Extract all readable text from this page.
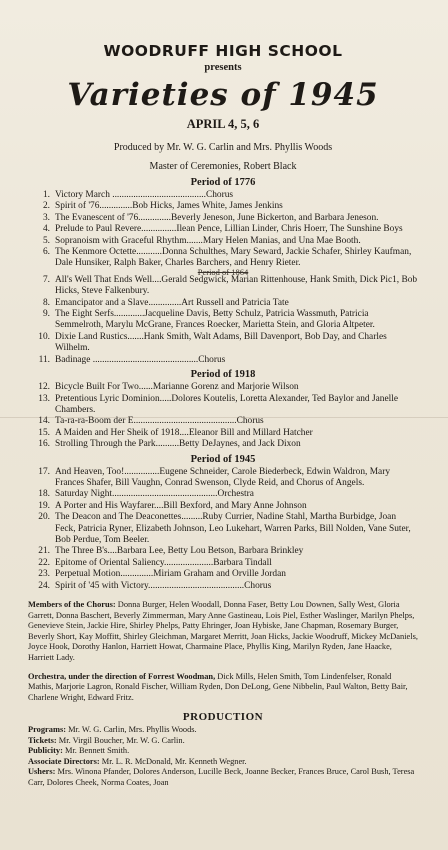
WOODRUFF HIGH SCHOOL
presents
Varieties of 1945
APRIL 4, 5, 6
Produced by Mr. W. G. Carlin and Mrs. Phyllis Woods
Master of Ceremonies, Robert Black
Period of 1776
1. Victory March ........................................Chorus
2. Spirit of '76..............Bob Hicks, James White, James Jenkins
3. The Evanescent of '76..............Beverly Jeneson, June Bickerton, and Barbara Jeneson.
4. Prelude to Paul Revere...............Ilean Pence, Lillian Linder, Chris Hoerr, The Sunshine Boys
5. Sopranoism with Graceful Rhythm.......Mary Helen Manias, and Una Mae Booth.
6. The Kenmore Octette...........Donna Schulthes, Mary Seward, Jackie Schafer, Shirley Kaufman, Dale Hunsiker, Ralph Baker, Charles Barchers, and Henry Rieter.
Period of 1864
7. All's Well That Ends Well....Gerald Sedgwick, Marian Rittenhouse, Hank Smith, Dick Pic1, Bob Hicks, Steve Falkenbury.
8. Emancipator and a Slave..............Art Russell and Patricia Tate
9. The Eight Serfs.............Jacqueline Davis, Betty Schulz, Patricia Wassmuth, Patricia Semmelroth, Marylu McGrane, Frances Roecker, Marietta Stein, and Gloria Altpeter.
10. Dixie Land Rustics.......Hank Smith, Walt Adams, Bill Davenport, Bob Day, and Charles Wilhelm.
11. Badinage .............................................Chorus
Period of 1918
12. Bicycle Built For Two......Marianne Gorenz and Marjorie Wilson
13. Pretentious Lyric Dominion.....Dolores Koutelis, Loretta Alexander, Ted Baylor and Janelle Chambers.
14. Ta-ra-ra-Boom der E............................................Chorus
15. A Maiden and Her Sheik of 1918....Eleanor Bill and Millard Hatcher
16. Strolling Through the Park..........Betty DeJaynes, and Jack Dixon
Period of 1945
17. And Heaven, Too!...............Eugene Schneider, Carole Biederbeck, Edwin Waldron, Mary Frances Shafer, Bill Vaughn, Conrad Swenson, Clyde Reid, and Chorus of Angels.
18. Saturday Night.............................................Orchestra
19. A Porter and His Wayfarer....Bill Bexford, and Mary Anne Johnson
20. The Deacon and The Deaconettes.........Ruby Currier, Nadine Stahl, Martha Burbidge, Joan Feck, Patricia Ryner, Elizabeth Johnson, Leo Lukehart, Warren Parks, Bill Nolden, Vane Suter, Bob Perdue, Tom Beeler.
21. The Three B's....Barbara Lee, Betty Lou Betson, Barbara Brinkley
22. Epitome of Oriental Saliency.....................Barbara Tindall
23. Perpetual Motion..............Miriam Graham and Orville Jordan
24. Spirit of '45 with Victory.........................................Chorus
Members of the Chorus: Donna Burger, Helen Woodall, Donna Faser, Betty Lou Downen, Sally West, Gloria Garrett, Donna Baschert, Beverly Zimmerman, Mary Anne Gastineau, Lois Piel, Esther Waslinger, Marilyn Phelps, Genevieve Stein, Jackie Hire, Shirley Phelps, Patty Ehringer, Joan Hybiske, Jane Chapman, Rosemary Burger, Beverly Short, Kay Moffitt, Shirley Gleichman, Margaret Merritt, Joan Hicks, Jackie Woodruff, Mickey McDaniels, Joyce Hook, Dorothy Hanlon, Harriett Howat, Charmaine Place, Phyllis King, Marilyn Ryden, Jane Haacke, Harriett Lady.
Orchestra, under the direction of Forrest Woodman, Dick Mills, Helen Smith, Tom Lindenfelser, Ronald Mathis, Marjorie Lagron, Ronald Fischer, William Ryden, Don DeLong, Gene Nibbelin, Paul Walton, Betty Bair, Charlene Wright, Edward Fritz.
PRODUCTION
Programs: Mr. W. G. Carlin, Mrs. Phyllis Woods.
Tickets: Mr. Virgil Boucher, Mr. W. G. Carlin.
Publicity: Mr. Bennett Smith.
Associate Directors: Mr. L. R. McDonald, Mr. Kenneth Wegner.
Ushers: Mrs. Winona Pfander, Dolores Anderson, Lucille Beck, Joanne Becker, Frances Bruce, Carol Bush, Teresa Carr, Dolores Cheek, Norma Coates, Joan
